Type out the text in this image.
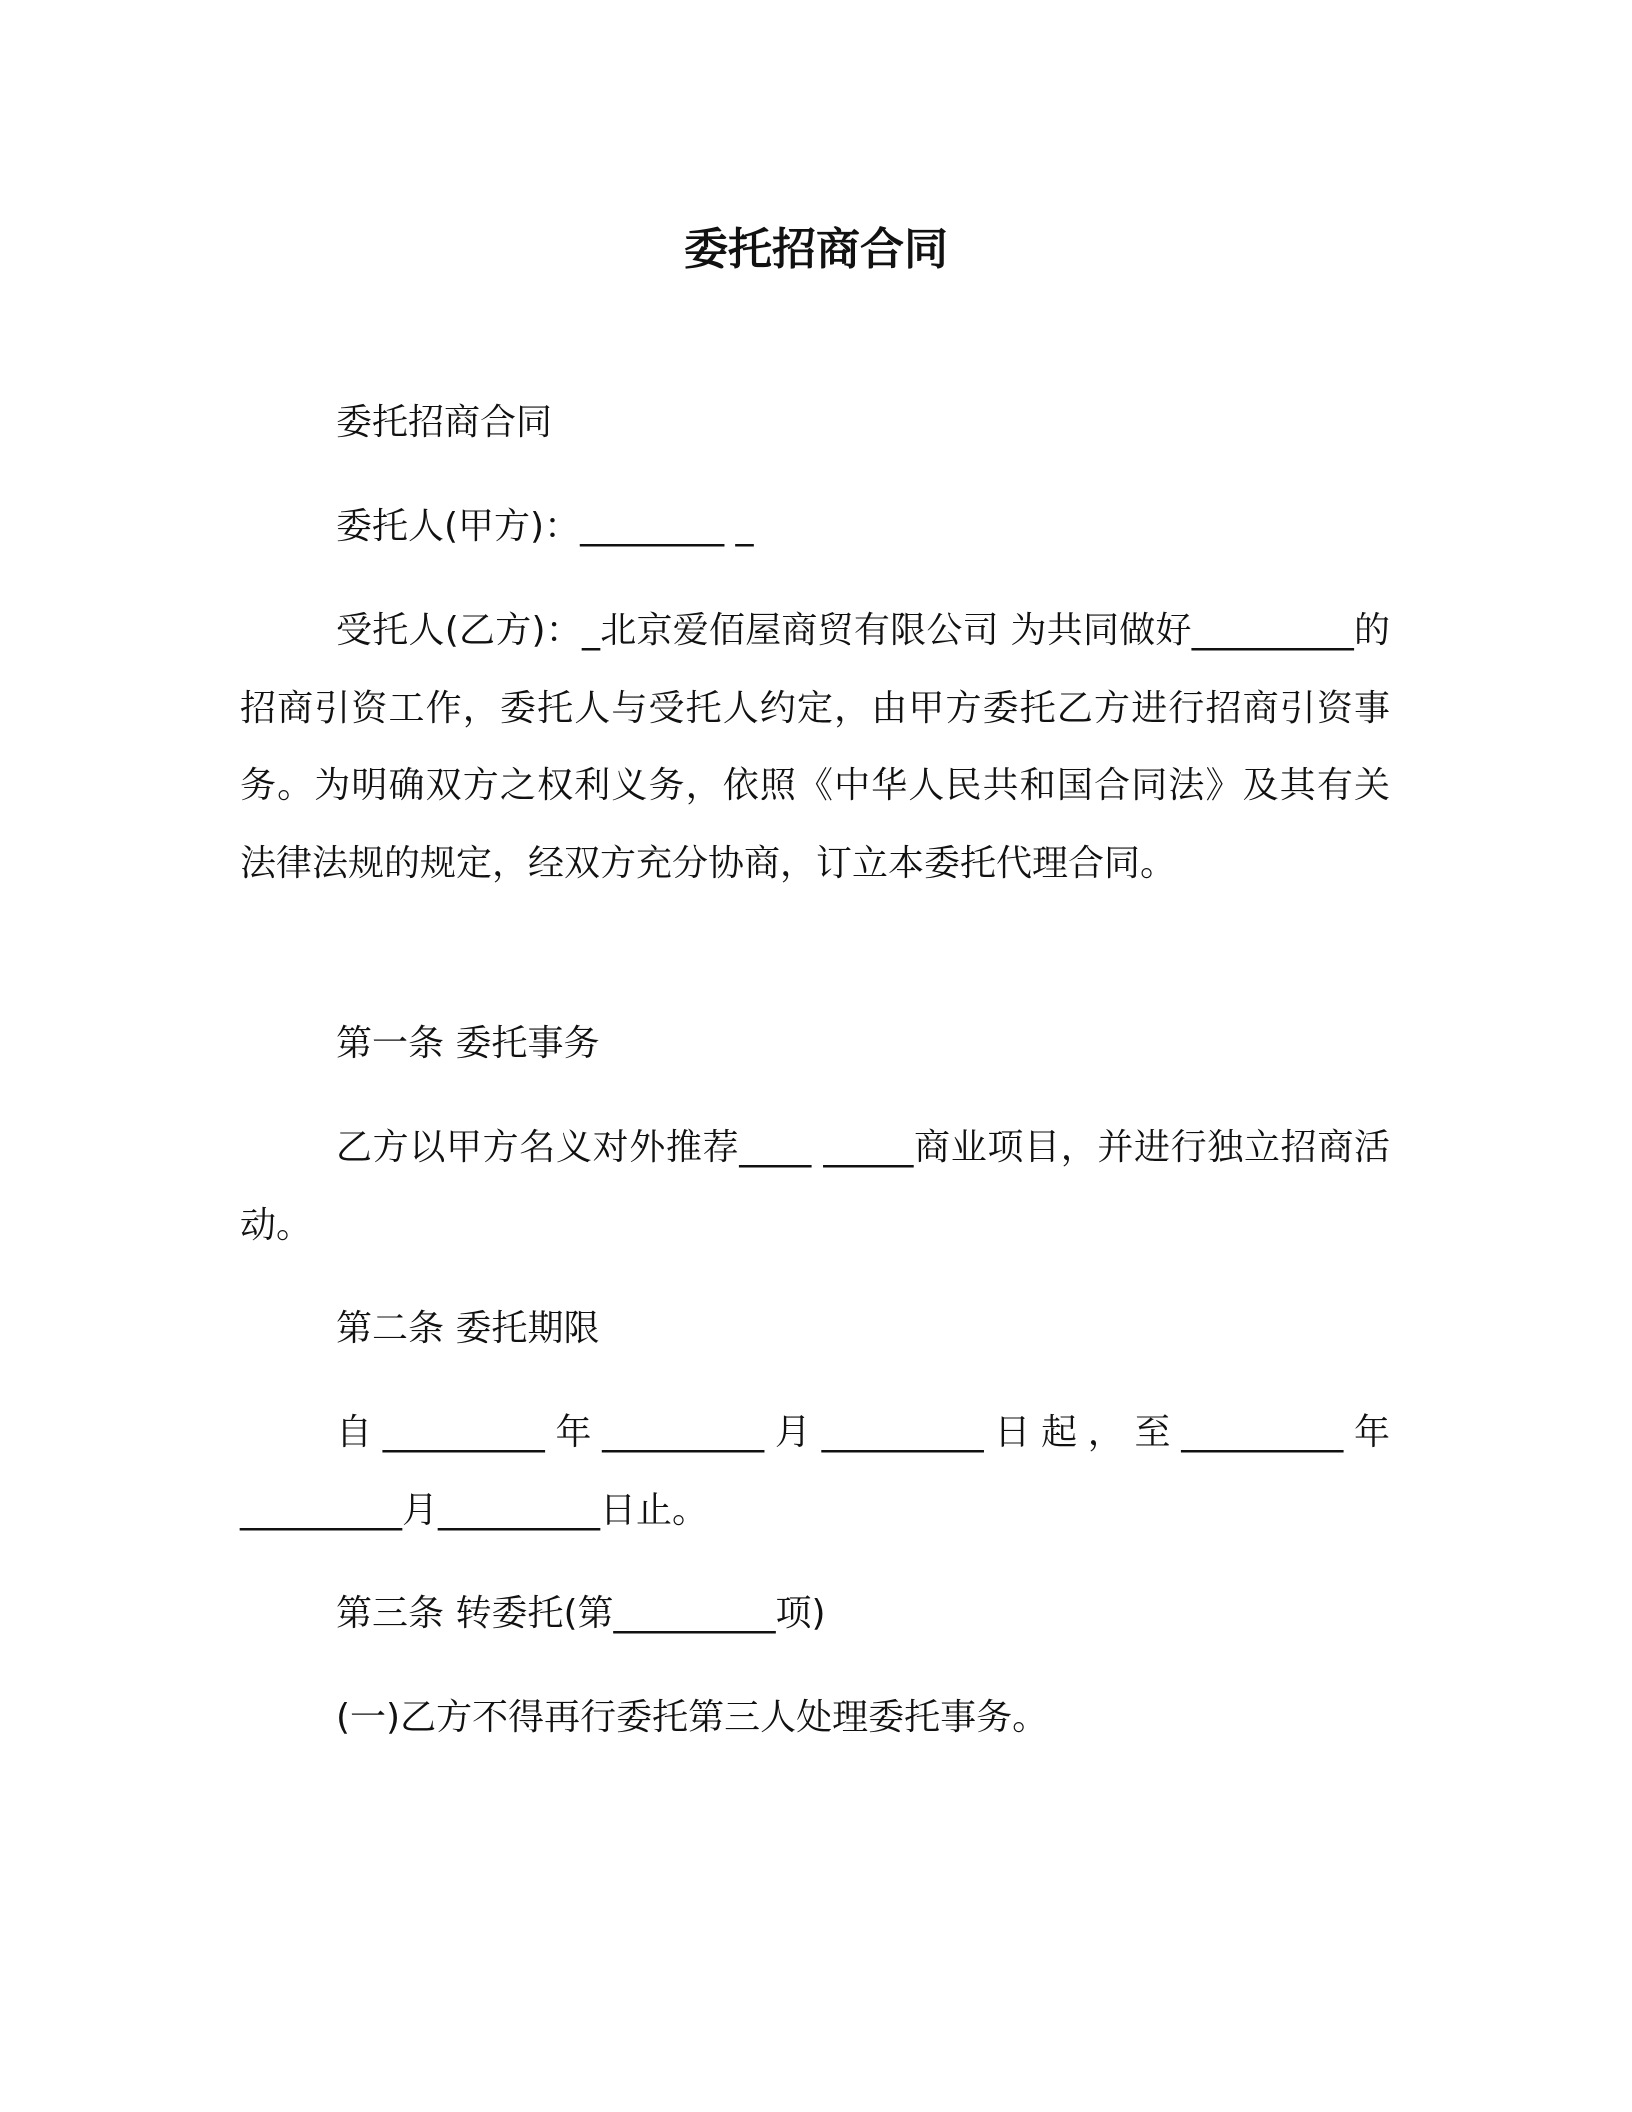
委托招商合同

委托招商合同

委托人(甲方)：________ _

受托人(乙方)：_北京爱佰屋商贸有限公司 为共同做好_________的招商引资工作，委托人与受托人约定，由甲方委托乙方进行招商引资事务。为明确双方之权利义务，依照《中华人民共和国合同法》及其有关法律法规的规定，经双方充分协商，订立本委托代理合同。

第一条 委托事务

乙方以甲方名义对外推荐____ _____商业项目，并进行独立招商活动。

第二条 委托期限

自_________年_________月_________日起，至_________年_________月_________日止。

第三条 转委托(第_________项)

(一)乙方不得再行委托第三人处理委托事务。
